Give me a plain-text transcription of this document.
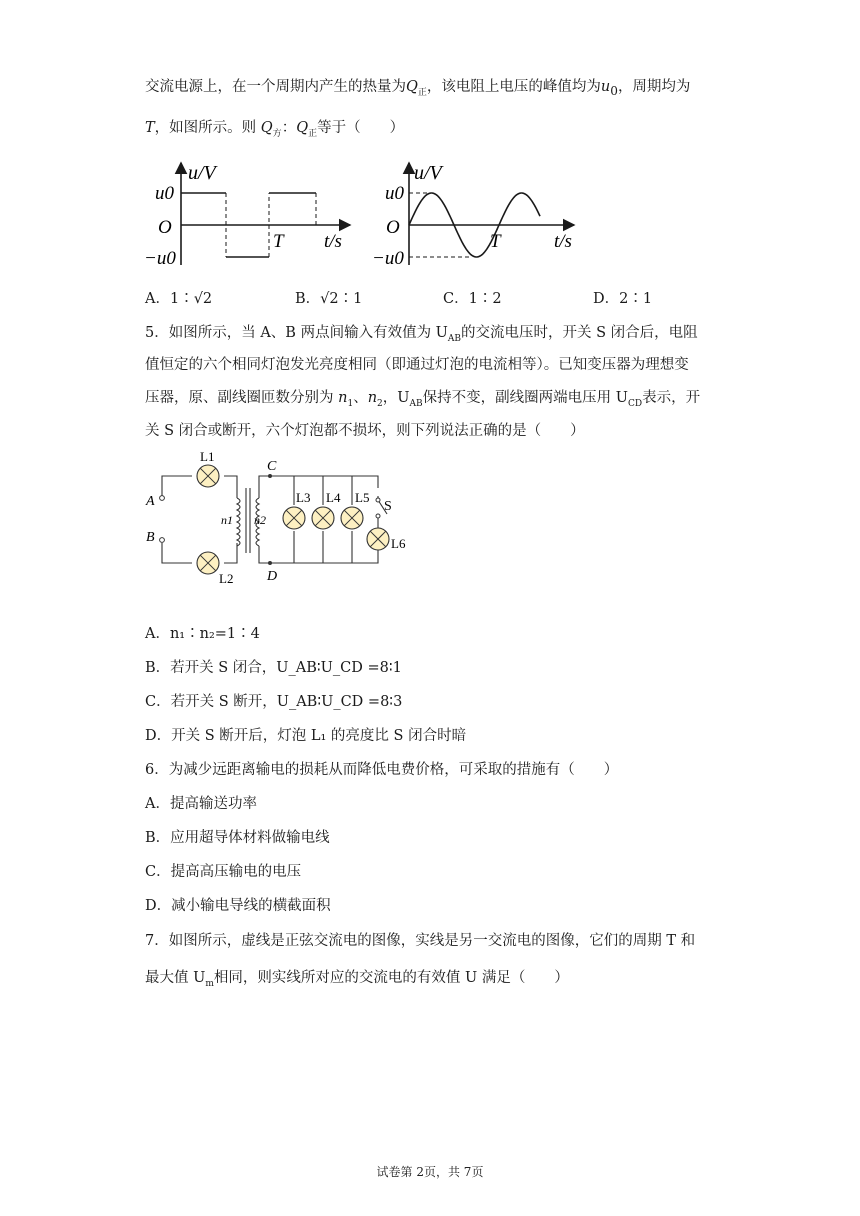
交流电源上，在一个周期内产生的热量为$Q_正$，该电阻上电压的峰值均为$u_0$，周期均为
T，如图所示。则 $Q_方$：$Q_正$等于（　　）
u/V
u0
O
−u0
T t/s
u/V
u0
O
−u0
T	t/s
A．1∶√2	B．√2∶1	C．1∶2	D．2∶1
5．如图所示，当 A、B 两点间输入有效值为 $U_{AB}$的交流电压时，开关 S 闭合后，电阻
值恒定的六个相同灯泡发光亮度相同（即通过灯泡的电流相等）。已知变压器为理想变
压器，原、副线圈匝数分别为 $n_1$、$n_2$，$U_{AB}$保持不变，副线圈两端电压用 $U_{CD}$表示，开
关 S 闭合或断开，六个灯泡都不损坏，则下列说法正确的是（　　）
A
B
C
D
S
L1
L2
L3 L4 L5
L6
n1 n2
A．n₁∶n₂=1∶4
B．若开关 S 闭合，U_AB∶U_CD =8∶1
C．若开关 S 断开，U_AB∶U_CD =8∶3
D．开关 S 断开后，灯泡 L₁ 的亮度比 S 闭合时暗
6．为减少远距离输电的损耗从而降低电费价格，可采取的措施有（　　）
A．提高输送功率
B．应用超导体材料做输电线
C．提高高压输电的电压
D．减小输电导线的横截面积
7．如图所示，虚线是正弦交流电的图像，实线是另一交流电的图像，它们的周期 T 和
最大值 $U_m$相同，则实线所对应的交流电的有效值 U 满足（　　）
试卷第 2页，共 7页
